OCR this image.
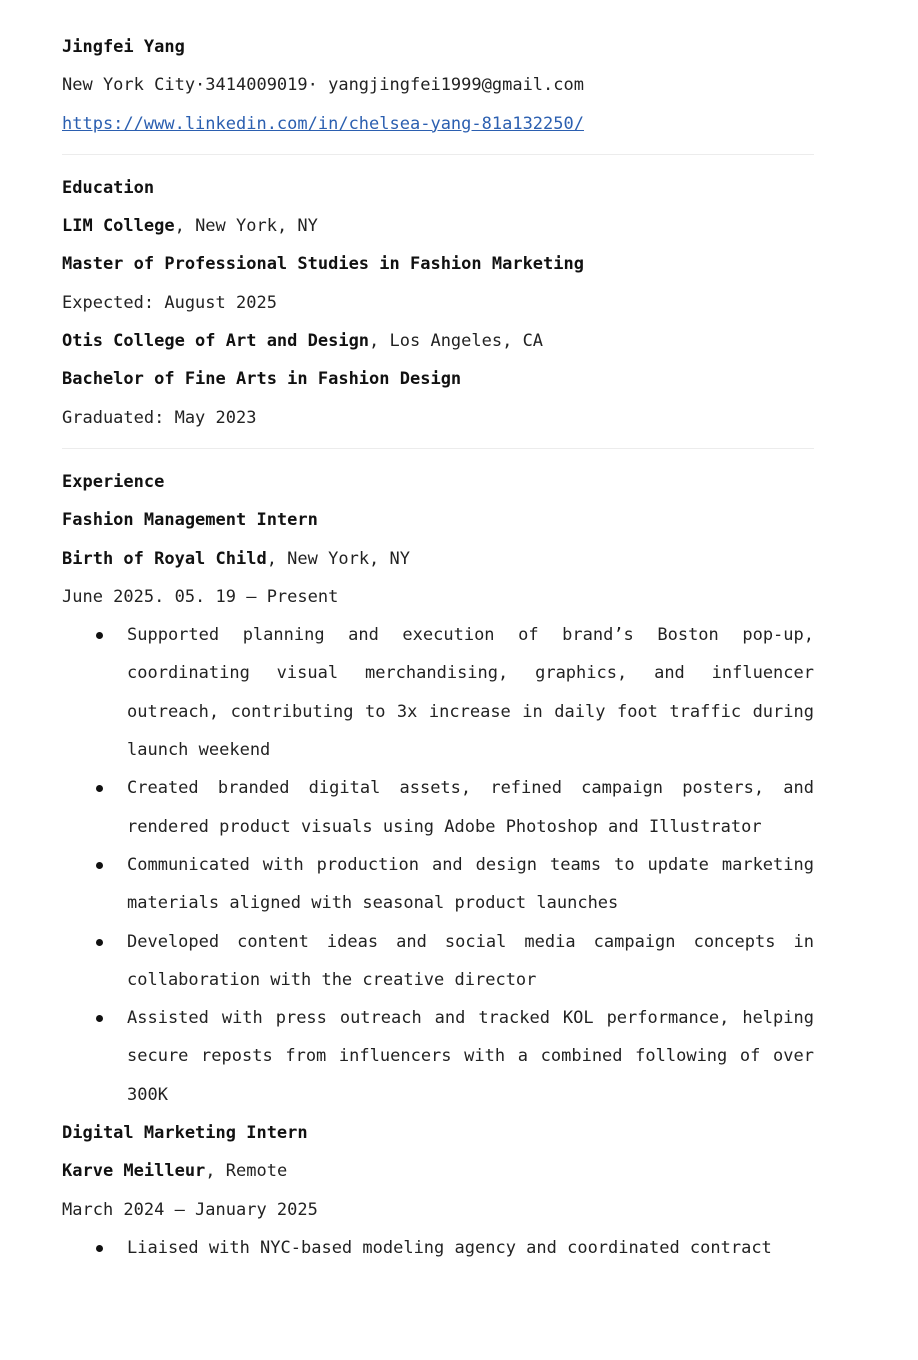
Jingfei Yang
New York City·3414009019· yangjingfei1999@gmail.com
https://www.linkedin.com/in/chelsea-yang-81a132250/
Education
LIM College, New York, NY
Master of Professional Studies in Fashion Marketing
Expected: August 2025
Otis College of Art and Design, Los Angeles, CA
Bachelor of Fine Arts in Fashion Design
Graduated: May 2023
Experience
Fashion Management Intern
Birth of Royal Child, New York, NY
June 2025. 05. 19 — Present
Supported planning and execution of brand’s Boston pop-up, coordinating visual merchandising, graphics, and influencer outreach, contributing to 3x increase in daily foot traffic during launch weekend
Created branded digital assets, refined campaign posters, and rendered product visuals using Adobe Photoshop and Illustrator
Communicated with production and design teams to update marketing materials aligned with seasonal product launches
Developed content ideas and social media campaign concepts in collaboration with the creative director
Assisted with press outreach and tracked KOL performance, helping secure reposts from influencers with a combined following of over 300K
Digital Marketing Intern
Karve Meilleur, Remote
March 2024 — January 2025
Liaised with NYC-based modeling agency and coordinated contract
